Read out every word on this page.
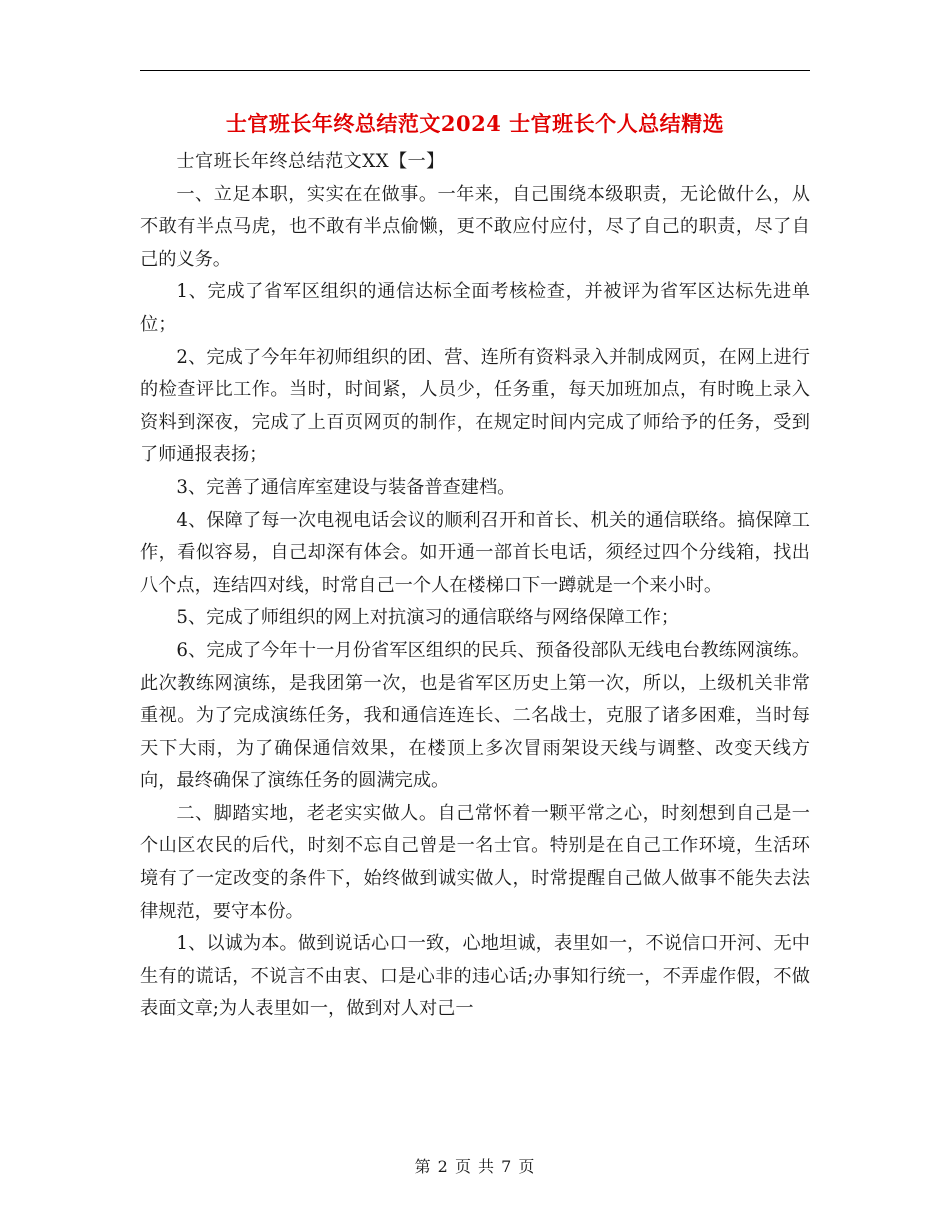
士官班长年终总结范文2024 士官班长个人总结精选

士官班长年终总结范文XX【一】

一、立足本职，实实在在做事。一年来，自己围绕本级职责，无论做什么，从不敢有半点马虎，也不敢有半点偷懒，更不敢应付应付，尽了自己的职责，尽了自己的义务。

1、完成了省军区组织的通信达标全面考核检查，并被评为省军区达标先进单位；

2、完成了今年年初师组织的团、营、连所有资料录入并制成网页，在网上进行的检查评比工作。当时，时间紧，人员少，任务重，每天加班加点，有时晚上录入资料到深夜，完成了上百页网页的制作，在规定时间内完成了师给予的任务，受到了师通报表扬；

3、完善了通信库室建设与装备普查建档。

4、保障了每一次电视电话会议的顺利召开和首长、机关的通信联络。搞保障工作，看似容易，自己却深有体会。如开通一部首长电话，须经过四个分线箱，找出八个点，连结四对线，时常自己一个人在楼梯口下一蹲就是一个来小时。

5、完成了师组织的网上对抗演习的通信联络与网络保障工作；

6、完成了今年十一月份省军区组织的民兵、预备役部队无线电台教练网演练。此次教练网演练，是我团第一次，也是省军区历史上第一次，所以，上级机关非常重视。为了完成演练任务，我和通信连连长、二名战士，克服了诸多困难，当时每天下大雨，为了确保通信效果，在楼顶上多次冒雨架设天线与调整、改变天线方向，最终确保了演练任务的圆满完成。

二、脚踏实地，老老实实做人。自己常怀着一颗平常之心，时刻想到自己是一个山区农民的后代，时刻不忘自己曾是一名士官。特别是在自己工作环境，生活环境有了一定改变的条件下，始终做到诚实做人，时常提醒自己做人做事不能失去法律规范，要守本份。

1、以诚为本。做到说话心口一致，心地坦诚，表里如一，不说信口开河、无中生有的谎话，不说言不由衷、口是心非的违心话;办事知行统一，不弄虚作假，不做表面文章;为人表里如一，做到对人对己一

第 2 页 共 7 页
